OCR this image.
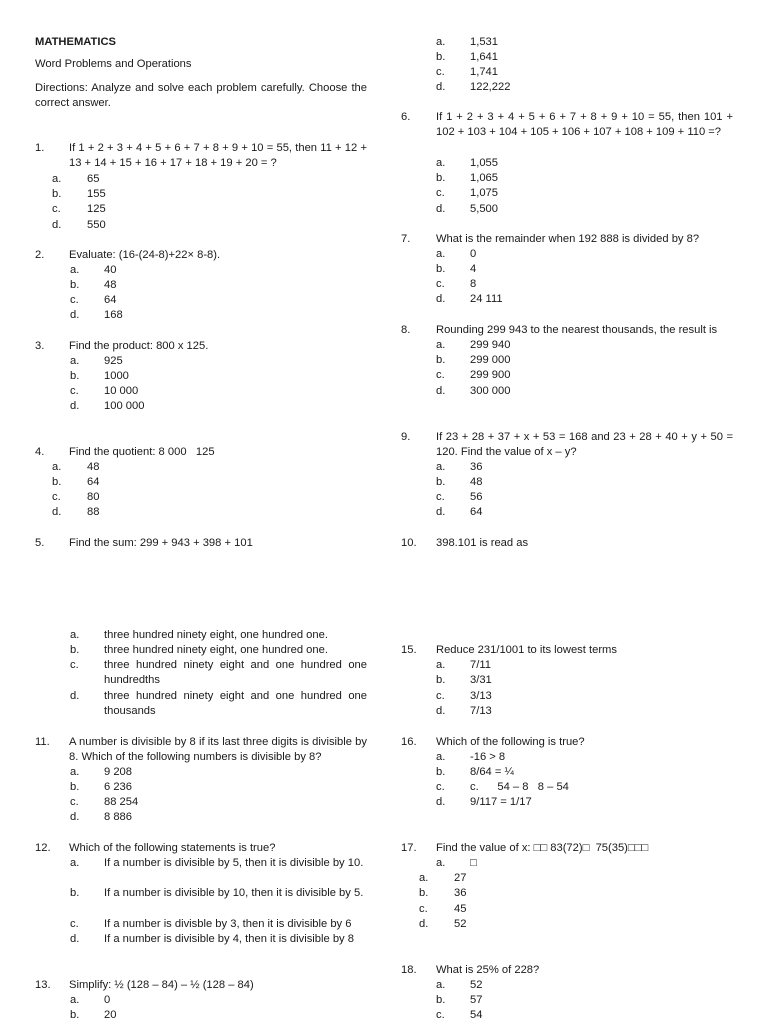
MATHEMATICS
Word Problems and Operations
Directions: Analyze and solve each problem carefully. Choose the correct answer.
a. 1,531
b. 1,641
c. 1,741
d. 122,222
1. If 1 + 2 + 3 + 4 + 5 + 6 + 7 + 8 + 9 + 10 = 55, then 11 + 12 + 13 + 14 + 15 + 16 + 17 + 18 + 19 + 20 = ?
a. 65
b. 155
c. 125
d. 550
2. Evaluate: (16-(24-8)+22× 8-8).
a. 40
b. 48
c. 64
d. 168
3. Find the product: 800 x 125.
a. 925
b. 1000
c. 10 000
d. 100 000
4. Find the quotient: 8 000   125
a. 48
b. 64
c. 80
d. 88
5. Find the sum: 299 + 943 + 398 + 101
6. If 1 + 2 + 3 + 4 + 5 + 6 + 7 + 8 + 9 + 10 = 55, then 101 + 102 + 103 + 104 + 105 + 106 + 107 + 108 + 109 + 110 =?
a. 1,055
b. 1,065
c. 1,075
d. 5,500
7. What is the remainder when 192 888 is divided by 8?
a. 0
b. 4
c. 8
d. 24 111
8. Rounding 299 943 to the nearest thousands, the result is
a. 299 940
b. 299 000
c. 299 900
d. 300 000
9. If 23 + 28 + 37 + x + 53 = 168 and 23 + 28 + 40 + y + 50 = 120. Find the value of x – y?
a. 36
b. 48
c. 56
d. 64
10. 398.101 is read as
a. three hundred ninety eight, one hundred one.
b. three hundred ninety eight, one hundred one.
c. three hundred ninety eight and one hundred one hundredths
d. three hundred ninety eight and one hundred one thousands
11. A number is divisible by 8 if its last three digits is divisible by 8. Which of the following numbers is divisible by 8?
a. 9 208
b. 6 236
c. 88 254
d. 8 886
12. Which of the following statements is true?
a. If a number is divisible by 5, then it is divisible by 10.
b. If a number is divisible by 10, then it is divisible by 5.
c. If a number is divisble by 3, then it is divisible by 6
d. If a number is divisible by 4, then it is divisible by 8
13. Simplify: ½ (128 – 84) – ½ (128 – 84)
a. 0
b. 20
15. Reduce 231/1001 to its lowest terms
a. 7/11
b. 3/31
c. 3/13
d. 7/13
16. Which of the following is true?
a. -16 > 8
b. 8/64 = ¼
c. c.      54 – 8   8 – 54
d. 9/117 = 1/17
17. Find the value of x: □□ 83(72)□  75(35)□□□
a. □
a. 27
b. 36
c. 45
d. 52
18. What is 25% of 228?
a. 52
b. 57
c. 54
